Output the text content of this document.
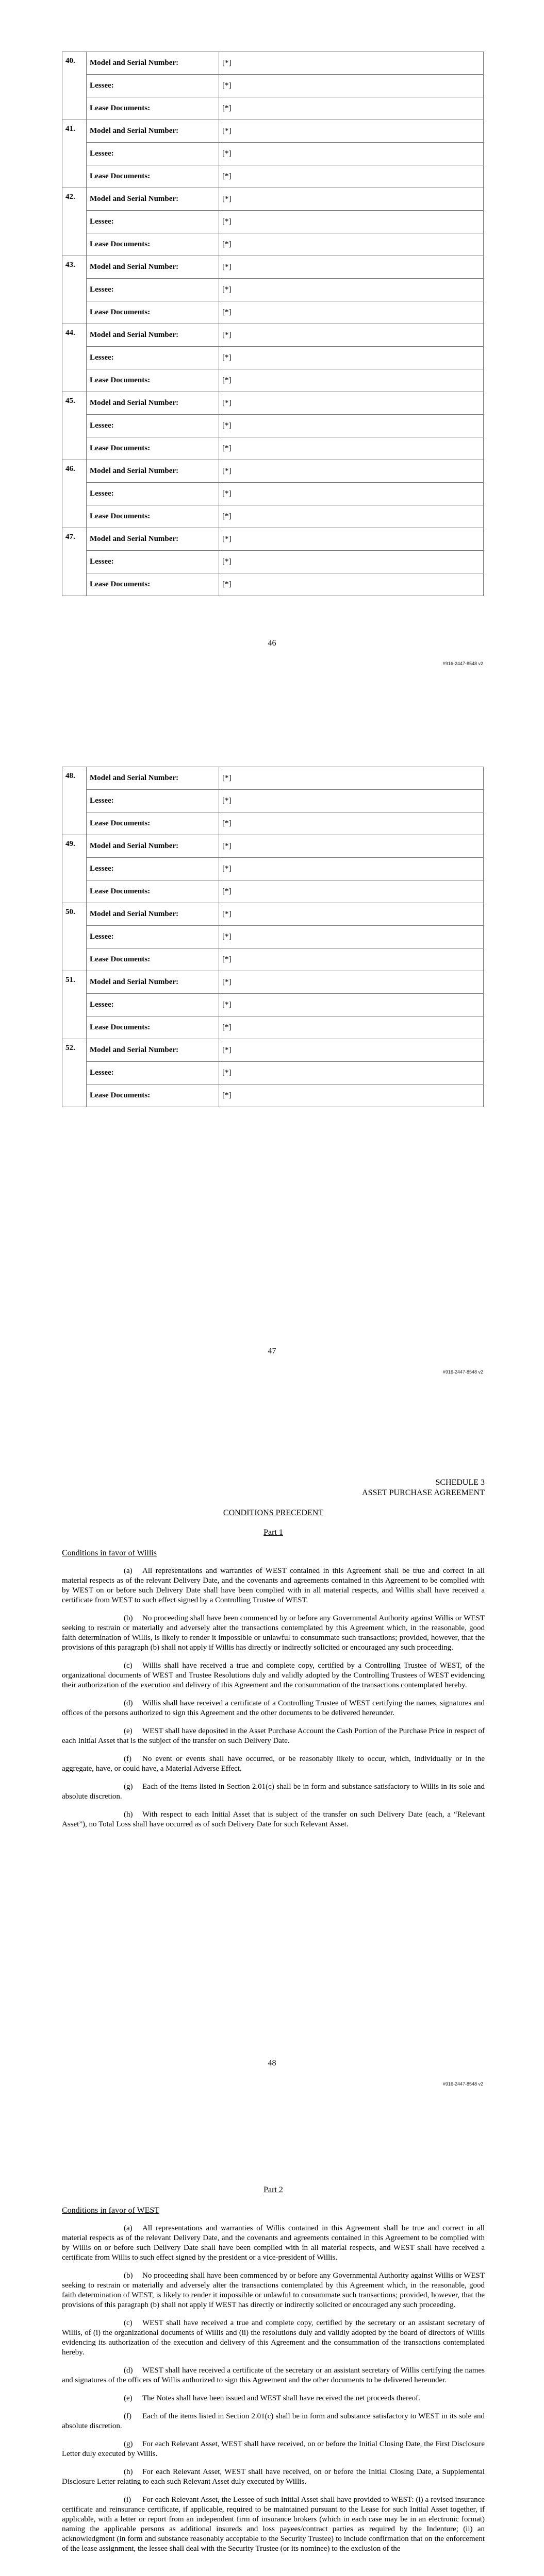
40.	Model and Serial Number:	[*]
	Lessee:	[*]
	Lease Documents:	[*]
41.	Model and Serial Number:	[*]
	Lessee:	[*]
	Lease Documents:	[*]
42.	Model and Serial Number:	[*]
	Lessee:	[*]
	Lease Documents:	[*]
43.	Model and Serial Number:	[*]
	Lessee:	[*]
	Lease Documents:	[*]
44.	Model and Serial Number:	[*]
	Lessee:	[*]
	Lease Documents:	[*]
45.	Model and Serial Number:	[*]
	Lessee:	[*]
	Lease Documents:	[*]
46.	Model and Serial Number:	[*]
	Lessee:	[*]
	Lease Documents:	[*]
47.	Model and Serial Number:	[*]
	Lessee:	[*]
	Lease Documents:	[*]
46
#916-2447-8548 v2
48.	Model and Serial Number:	[*]
	Lessee:	[*]
	Lease Documents:	[*]
49.	Model and Serial Number:	[*]
	Lessee:	[*]
	Lease Documents:	[*]
50.	Model and Serial Number:	[*]
	Lessee:	[*]
	Lease Documents:	[*]
51.	Model and Serial Number:	[*]
	Lessee:	[*]
	Lease Documents:	[*]
52.	Model and Serial Number:	[*]
	Lessee:	[*]
	Lease Documents:	[*]
47
#916-2447-8548 v2
SCHEDULE 3
ASSET PURCHASE AGREEMENT
CONDITIONS PRECEDENT
Part 1
Conditions in favor of Willis

(a) All representations and warranties of WEST contained in this Agreement shall be true and correct in all material respects as of the relevant Delivery Date, and the covenants and agreements contained in this Agreement to be complied with by WEST on or before such Delivery Date shall have been complied with in all material respects, and Willis shall have received a certificate from WEST to such effect signed by a Controlling Trustee of WEST.

(b) No proceeding shall have been commenced by or before any Governmental Authority against Willis or WEST seeking to restrain or materially and adversely alter the transactions contemplated by this Agreement which, in the reasonable, good faith determination of Willis, is likely to render it impossible or unlawful to consummate such transactions; provided, however, that the provisions of this paragraph (b) shall not apply if Willis has directly or indirectly solicited or encouraged any such proceeding.

(c) Willis shall have received a true and complete copy, certified by a Controlling Trustee of WEST, of the organizational documents of WEST and Trustee Resolutions duly and validly adopted by the Controlling Trustees of WEST evidencing their authorization of the execution and delivery of this Agreement and the consummation of the transactions contemplated hereby.

(d) Willis shall have received a certificate of a Controlling Trustee of WEST certifying the names, signatures and offices of the persons authorized to sign this Agreement and the other documents to be delivered hereunder.

(e) WEST shall have deposited in the Asset Purchase Account the Cash Portion of the Purchase Price in respect of each Initial Asset that is the subject of the transfer on such Delivery Date.

(f) No event or events shall have occurred, or be reasonably likely to occur, which, individually or in the aggregate, have, or could have, a Material Adverse Effect.

(g) Each of the items listed in Section 2.01(c) shall be in form and substance satisfactory to Willis in its sole and absolute discretion.

(h) With respect to each Initial Asset that is subject of the transfer on such Delivery Date (each, a “Relevant Asset”), no Total Loss shall have occurred as of such Delivery Date for such Relevant Asset.

48
#916-2447-8548 v2
Part 2
Conditions in favor of WEST

(a) All representations and warranties of Willis contained in this Agreement shall be true and correct in all material respects as of the relevant Delivery Date, and the covenants and agreements contained in this Agreement to be complied with by Willis on or before such Delivery Date shall have been complied with in all material respects, and WEST shall have received a certificate from Willis to such effect signed by the president or a vice-president of Willis.

(b) No proceeding shall have been commenced by or before any Governmental Authority against Willis or WEST seeking to restrain or materially and adversely alter the transactions contemplated by this Agreement which, in the reasonable, good faith determination of WEST, is likely to render it impossible or unlawful to consummate such transactions; provided, however, that the provisions of this paragraph (b) shall not apply if WEST has directly or indirectly solicited or encouraged any such proceeding.

(c) WEST shall have received a true and complete copy, certified by the secretary or an assistant secretary of Willis, of (i) the organizational documents of Willis and (ii) the resolutions duly and validly adopted by the board of directors of Willis evidencing its authorization of the execution and delivery of this Agreement and the consummation of the transactions contemplated hereby.

(d) WEST shall have received a certificate of the secretary or an assistant secretary of Willis certifying the names and signatures of the officers of Willis authorized to sign this Agreement and the other documents to be delivered hereunder.

(e) The Notes shall have been issued and WEST shall have received the net proceeds thereof.

(f) Each of the items listed in Section 2.01(c) shall be in form and substance satisfactory to WEST in its sole and absolute discretion.

(g) For each Relevant Asset, WEST shall have received, on or before the Initial Closing Date, the First Disclosure Letter duly executed by Willis.

(h) For each Relevant Asset, WEST shall have received, on or before the Initial Closing Date, a Supplemental Disclosure Letter relating to each such Relevant Asset duly executed by Willis.

(i) For each Relevant Asset, the Lessee of such Initial Asset shall have provided to WEST: (i) a revised insurance certificate and reinsurance certificate, if applicable, required to be maintained pursuant to the Lease for such Initial Asset together, if applicable, with a letter or report from an independent firm of insurance brokers (which in each case may be in an electronic format) naming the applicable persons as additional insureds and loss payees/contract parties as required by the Indenture; (ii) an acknowledgment (in form and substance reasonably acceptable to the Security Trustee) to include confirmation that on the enforcement of the lease assignment, the lessee shall deal with the Security Trustee (or its nominee) to the exclusion of the
